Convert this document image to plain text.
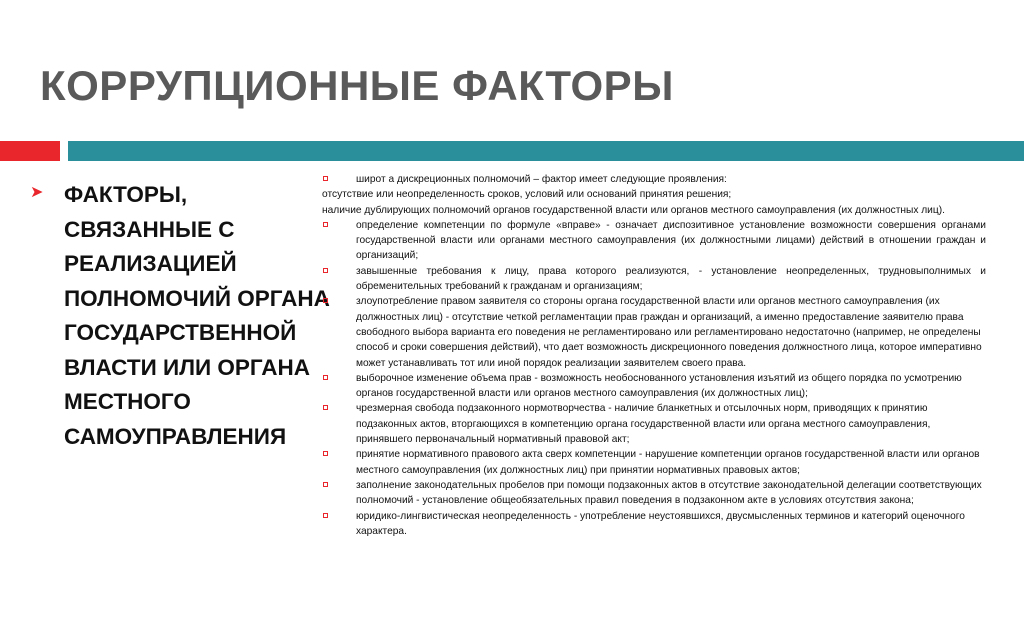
КОРРУПЦИОННЫЕ ФАКТОРЫ
➤ ФАКТОРЫ, СВЯЗАННЫЕ С РЕАЛИЗАЦИЕЙ ПОЛНОМОЧИЙ ОРГАНА ГОСУДАРСТВЕННОЙ ВЛАСТИ ИЛИ ОРГАНА МЕСТНОГО САМОУПРАВЛЕНИЯ
широт а дискреционных полномочий – фактор имеет следующие проявления:
отсутствие или неопределенность сроков, условий или оснований принятия решения;
наличие дублирующих полномочий органов государственной власти или органов местного самоуправления (их должностных лиц).
определение компетенции по формуле «вправе» - означает диспозитивное установление возможности совершения органами государственной власти или органами местного самоуправления (их должностными лицами) действий в отношении граждан и организаций;
завышенные требования к лицу, права которого реализуются, - установление неопределенных, трудновыполнимых и обременительных требований к гражданам и организациям;
злоупотребление правом заявителя со стороны органа государственной власти или органов местного самоуправления (их должностных лиц) - отсутствие четкой регламентации прав граждан и организаций, а именно предоставление заявителю права свободного выбора варианта его поведения не регламентировано или регламентировано недостаточно (например, не определены способ и сроки совершения действий), что дает возможность дискреционного поведения должностного лица, которое императивно может устанавливать тот или иной порядок реализации заявителем своего права.
выборочное изменение объема прав - возможность необоснованного установления изъятий из общего порядка по усмотрению органов государственной власти или органов местного самоуправления (их должностных лиц);
чрезмерная свобода подзаконного нормотворчества - наличие бланкетных и отсылочных норм, приводящих к принятию подзаконных актов, вторгающихся в компетенцию органа государственной власти или органа местного самоуправления, принявшего первоначальный нормативный правовой акт;
принятие нормативного правового акта сверх компетенции - нарушение компетенции органов государственной власти или органов местного самоуправления (их должностных лиц) при принятии нормативных правовых актов;
заполнение законодательных пробелов при помощи подзаконных актов в отсутствие законодательной делегации соответствующих полномочий - установление общеобязательных правил поведения в подзаконном акте в условиях отсутствия закона;
юридико-лингвистическая неопределенность - употребление неустоявшихся, двусмысленных терминов и категорий оценочного характера.
